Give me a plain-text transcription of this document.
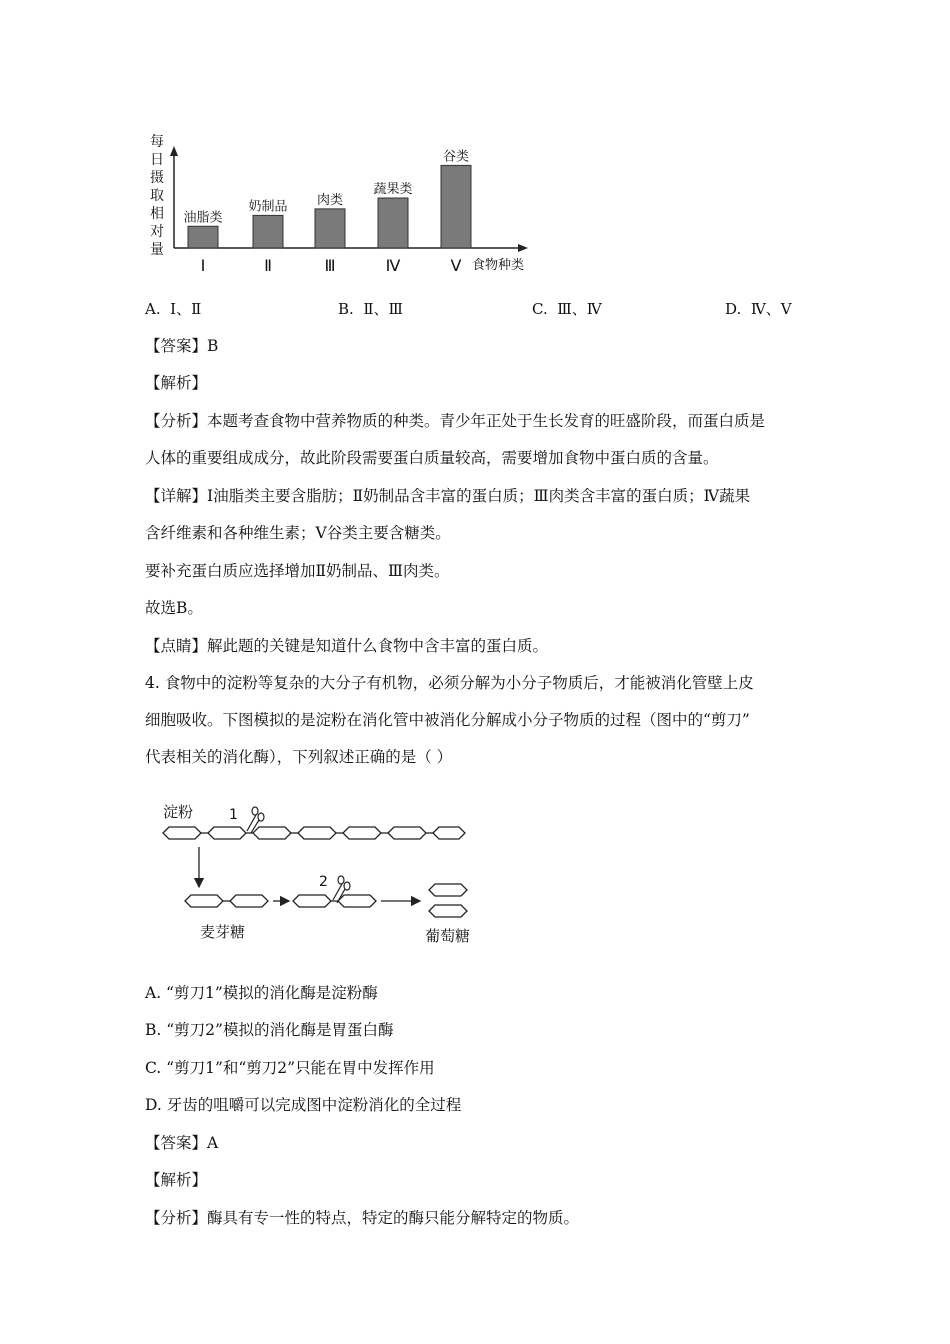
每
日
摄
取
相
对
量
油脂类
Ⅰ
奶制品
Ⅱ
肉类
Ⅲ
蔬果类
Ⅳ
谷类
Ⅴ 食物种类
A. Ⅰ、Ⅱ	B. Ⅱ、Ⅲ	C. Ⅲ、Ⅳ	D. Ⅳ、Ⅴ
【答案】B
【解析】
【分析】本题考查食物中营养物质的种类。青少年正处于生长发育的旺盛阶段，而蛋白质是
人体的重要组成成分，故此阶段需要蛋白质量较高，需要增加食物中蛋白质的含量。
【详解】Ⅰ油脂类主要含脂肪；Ⅱ奶制品含丰富的蛋白质；Ⅲ肉类含丰富的蛋白质；Ⅳ蔬果
含纤维素和各种维生素；Ⅴ谷类主要含糖类。
要补充蛋白质应选择增加Ⅱ奶制品、Ⅲ肉类。
故选B。
【点睛】解此题的关键是知道什么食物中含丰富的蛋白质。
4. 食物中的淀粉等复杂的大分子有机物，必须分解为小分子物质后，才能被消化管壁上皮
细胞吸收。下图模拟的是淀粉在消化管中被消化分解成小分子物质的过程（图中的“剪刀”
代表相关的消化酶），下列叙述正确的是（ ）
淀粉	1
2
麦芽糖	葡萄糖
A. “剪刀1”模拟的消化酶是淀粉酶
B. “剪刀2”模拟的消化酶是胃蛋白酶
C. “剪刀1”和“剪刀2”只能在胃中发挥作用
D. 牙齿的咀嚼可以完成图中淀粉消化的全过程
【答案】A
【解析】
【分析】酶具有专一性的特点，特定的酶只能分解特定的物质。
